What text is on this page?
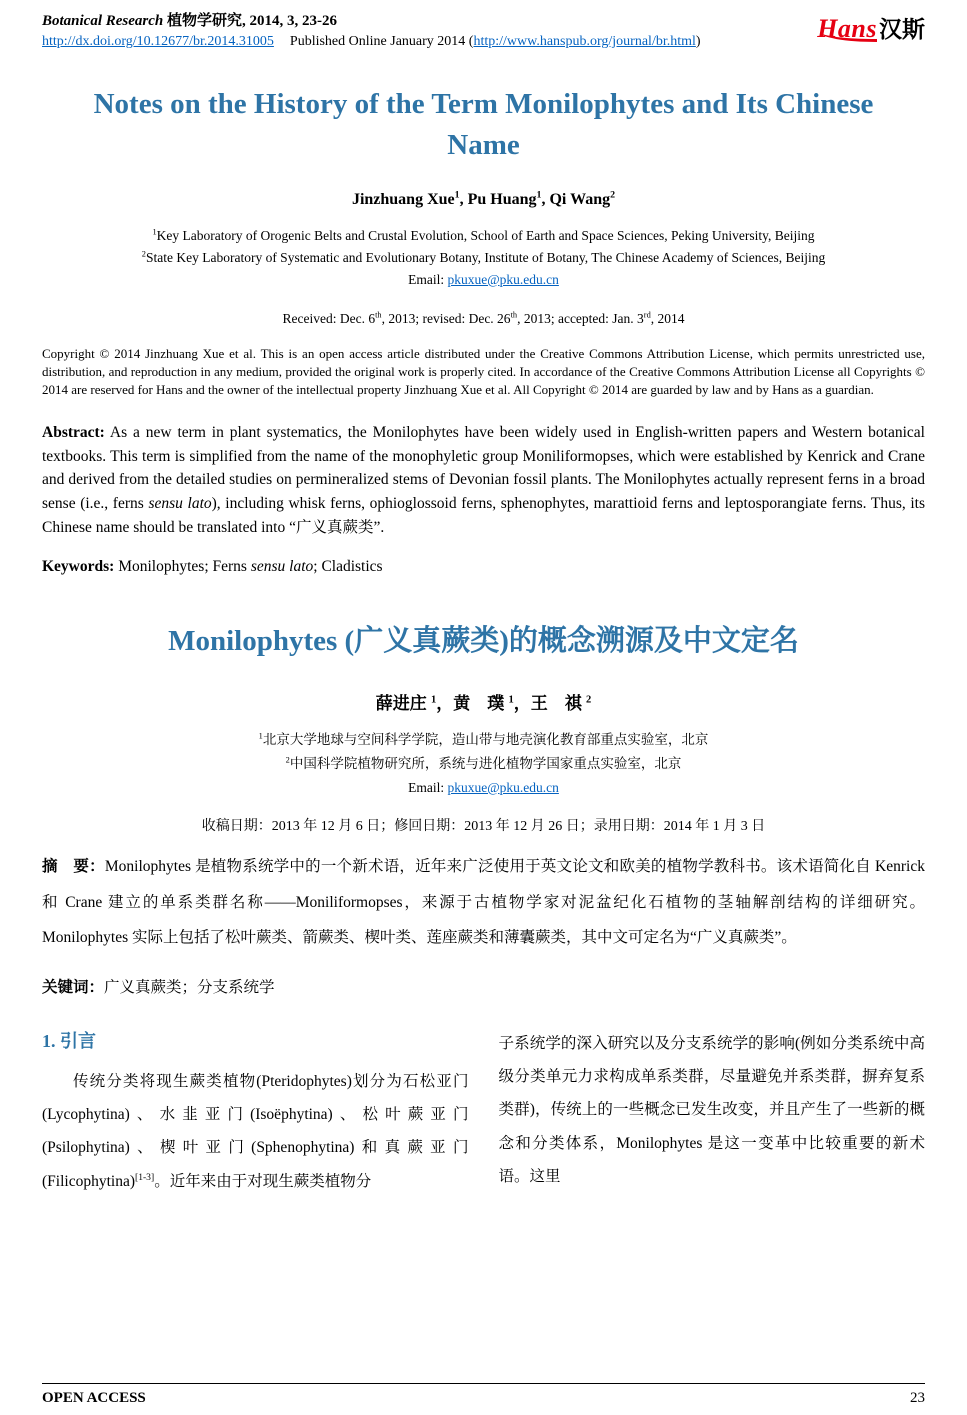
Botanical Research 植物学研究, 2014, 3, 23-26
http://dx.doi.org/10.12677/br.2014.31005 Published Online January 2014 (http://www.hanspub.org/journal/br.html)	Hans 汉斯
Notes on the History of the Term Monilophytes and Its Chinese Name
Jinzhuang Xue$^1$, Pu Huang$^1$, Qi Wang$^2$
$^1$Key Laboratory of Orogenic Belts and Crustal Evolution, School of Earth and Space Sciences, Peking University, Beijing
$^2$State Key Laboratory of Systematic and Evolutionary Botany, Institute of Botany, The Chinese Academy of Sciences, Beijing
Email: pkuxue@pku.edu.cn
Received: Dec. 6th, 2013; revised: Dec. 26th, 2013; accepted: Jan. 3rd, 2014

Copyright © 2014 Jinzhuang Xue et al. This is an open access article distributed under the Creative Commons Attribution License, which permits unrestricted use, distribution, and reproduction in any medium, provided the original work is properly cited. In accordance of the Creative Commons Attribution License all Copyrights © 2014 are reserved for Hans and the owner of the intellectual property Jinzhuang Xue et al. All Copyright © 2014 are guarded by law and by Hans as a guardian.

Abstract: As a new term in plant systematics, the Monilophytes have been widely used in English-written papers and Western botanical textbooks. This term is simplified from the name of the monophyletic group Moniliformopses, which were established by Kenrick and Crane and derived from the detailed studies on permineralized stems of Devonian fossil plants. The Monilophytes actually represent ferns in a broad sense (i.e., ferns sensu lato), including whisk ferns, ophioglossoid ferns, sphenophytes, marattioid ferns and leptosporangiate ferns. Thus, its Chinese name should be translated into “广义真蕨类”.

Keywords: Monilophytes; Ferns sensu lato; Cladistics

Monilophytes (广义真蕨类)的概念溯源及中文定名
薛进庄 $^1$，黄　璞 $^1$，王　祺 $^2$
$^1$北京大学地球与空间科学学院，造山带与地壳演化教育部重点实验室，北京
$^2$中国科学院植物研究所，系统与进化植物学国家重点实验室，北京
Email: pkuxue@pku.edu.cn
收稿日期：2013 年 12 月 6 日；修回日期：2013 年 12 月 26 日；录用日期：2014 年 1 月 3 日

摘　要：Monilophytes 是植物系统学中的一个新术语，近年来广泛使用于英文论文和欧美的植物学教科书。该术语简化自 Kenrick 和 Crane 建立的单系类群名称——Moniliformopses，来源于古植物学家对泥盆纪化石植物的茎轴解剖结构的详细研究。Monilophytes 实际上包括了松叶蕨类、箭蕨类、楔叶类、莲座蕨类和薄囊蕨类，其中文可定名为“广义真蕨类”。

关键词：广义真蕨类；分支系统学

1. 引言

传统分类将现生蕨类植物(Pteridophytes)划分为石松亚门(Lycophytina)、水韭亚门(Isoëphytina)、松叶蕨亚门(Psilophytina)、楔叶亚门(Sphenophytina)和真蕨亚门(Filicophytina)[1-3]。近年来由于对现生蕨类植物分

子系统学的深入研究以及分支系统学的影响(例如分类系统中高级分类单元力求构成单系类群，尽量避免并系类群，摒弃复系类群)，传统上的一些概念已发生改变，并且产生了一些新的概念和分类体系，Monilophytes 是这一变革中比较重要的新术语。这里

OPEN ACCESS	23
